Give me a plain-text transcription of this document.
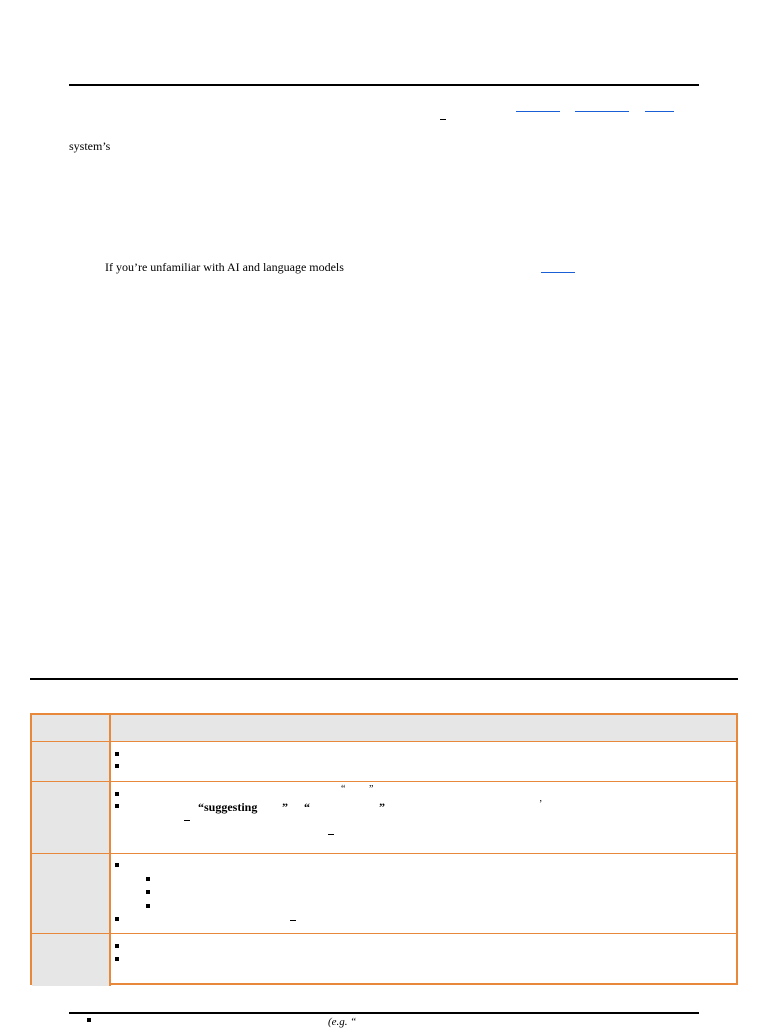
system’s
If you’re unfamiliar with AI and language models
“ ”
“suggesting ” “	”	’
(e.g. “
